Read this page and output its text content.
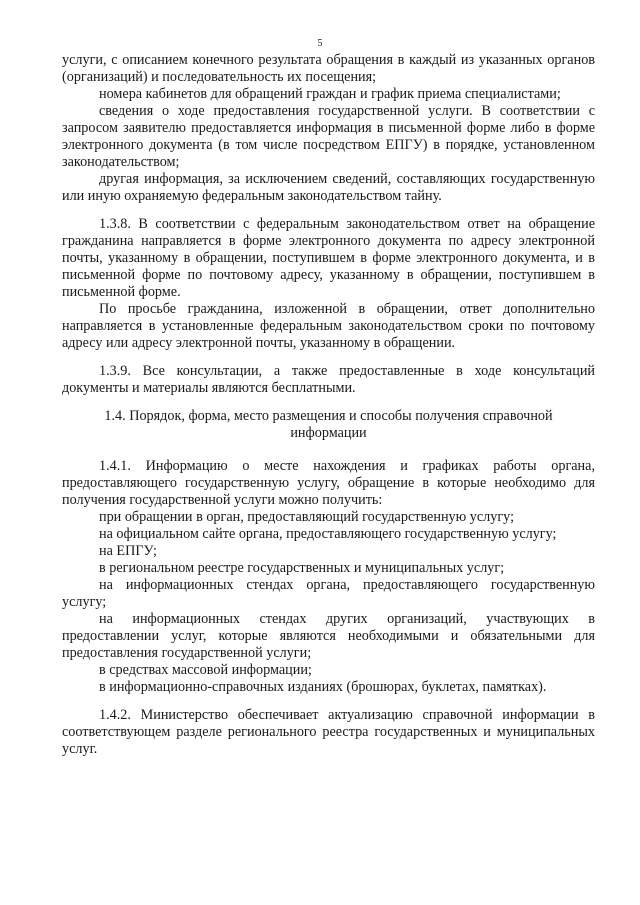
5

услуги, с описанием конечного результата обращения в каждый из указанных органов (организаций) и последовательность их посещения;

номера кабинетов для обращений граждан и график приема специалистами;

сведения о ходе предоставления государственной услуги. В соответствии с запросом заявителю предоставляется информация в письменной форме либо в форме электронного документа (в том числе посредством ЕПГУ) в порядке, установленном законодательством;

другая информация, за исключением сведений, составляющих государственную или иную охраняемую федеральным законодательством тайну.

1.3.8. В соответствии с федеральным законодательством ответ на обращение гражданина направляется в форме электронного документа по адресу электронной почты, указанному в обращении, поступившем в форме электронного документа, и в письменной форме по почтовому адресу, указанному в обращении, поступившем в письменной форме.

По просьбе гражданина, изложенной в обращении, ответ дополнительно направляется в установленные федеральным законодательством сроки по почтовому адресу или адресу электронной почты, указанному в обращении.

1.3.9. Все консультации, а также предоставленные в ходе консультаций документы и материалы являются бесплатными.

1.4. Порядок, форма, место размещения и способы получения справочной информации

1.4.1. Информацию о месте нахождения и графиках работы органа, предоставляющего государственную услугу, обращение в которые необходимо для получения государственной услуги можно получить:

при обращении в орган, предоставляющий государственную услугу;

на официальном сайте органа, предоставляющего государственную услугу;

на ЕПГУ;

в региональном реестре государственных и муниципальных услуг;

на информационных стендах органа, предоставляющего государственную услугу;

на информационных стендах других организаций, участвующих в предоставлении услуг, которые являются необходимыми и обязательными для предоставления государственной услуги;

в средствах массовой информации;

в информационно-справочных изданиях (брошюрах, буклетах, памятках).

1.4.2. Министерство обеспечивает актуализацию справочной информации в соответствующем разделе регионального реестра государственных и муниципальных услуг.
